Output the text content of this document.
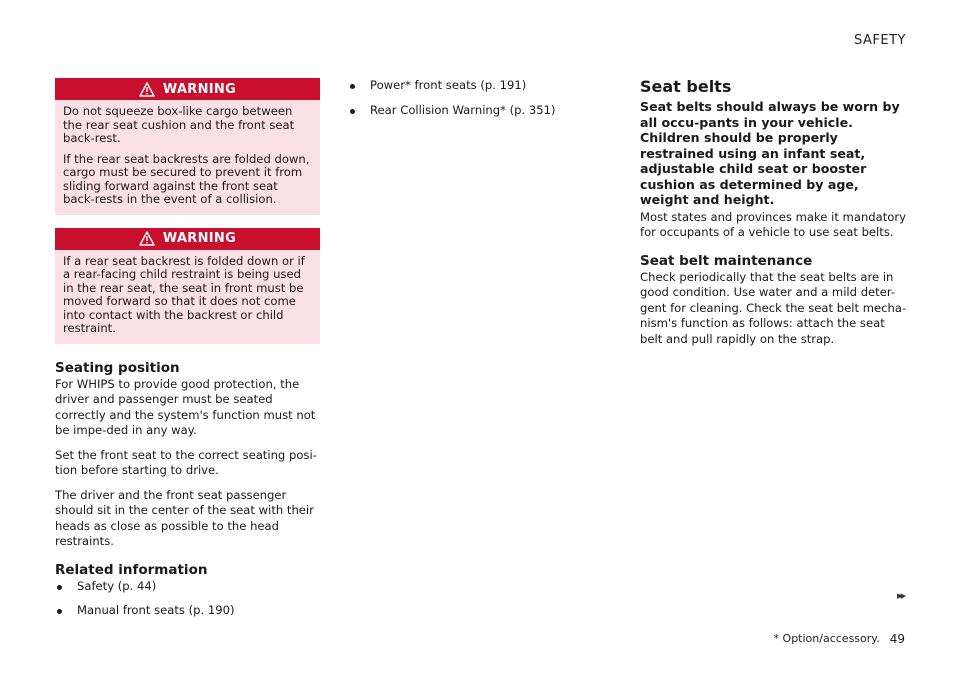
SAFETY
WARNING

Do not squeeze box-like cargo between the rear seat cushion and the front seat back-rest.

If the rear seat backrests are folded down, cargo must be secured to prevent it from sliding forward against the front seat back-rests in the event of a collision.

WARNING

If a rear seat backrest is folded down or if a rear-facing child restraint is being used in the rear seat, the seat in front must be moved forward so that it does not come into contact with the backrest or child restraint.

Seating position

For WHIPS to provide good protection, the driver and passenger must be seated correctly and the system's function must not be impe-ded in any way.

Set the front seat to the correct seating posi-tion before starting to drive.

The driver and the front seat passenger should sit in the center of the seat with their heads as close as possible to the head restraints.

Related information
Safety (p. 44)
Manual front seats (p. 190)
Power* front seats (p. 191)
Rear Collision Warning* (p. 351)
Seat belts

Seat belts should always be worn by all occu-pants in your vehicle. Children should be properly restrained using an infant seat, adjustable child seat or booster cushion as determined by age, weight and height.

Most states and provinces make it mandatory for occupants of a vehicle to use seat belts.

Seat belt maintenance

Check periodically that the seat belts are in good condition. Use water and a mild deter-gent for cleaning. Check the seat belt mecha-nism's function as follows: attach the seat belt and pull rapidly on the strap.

▸▸
* Option/accessory. 49
